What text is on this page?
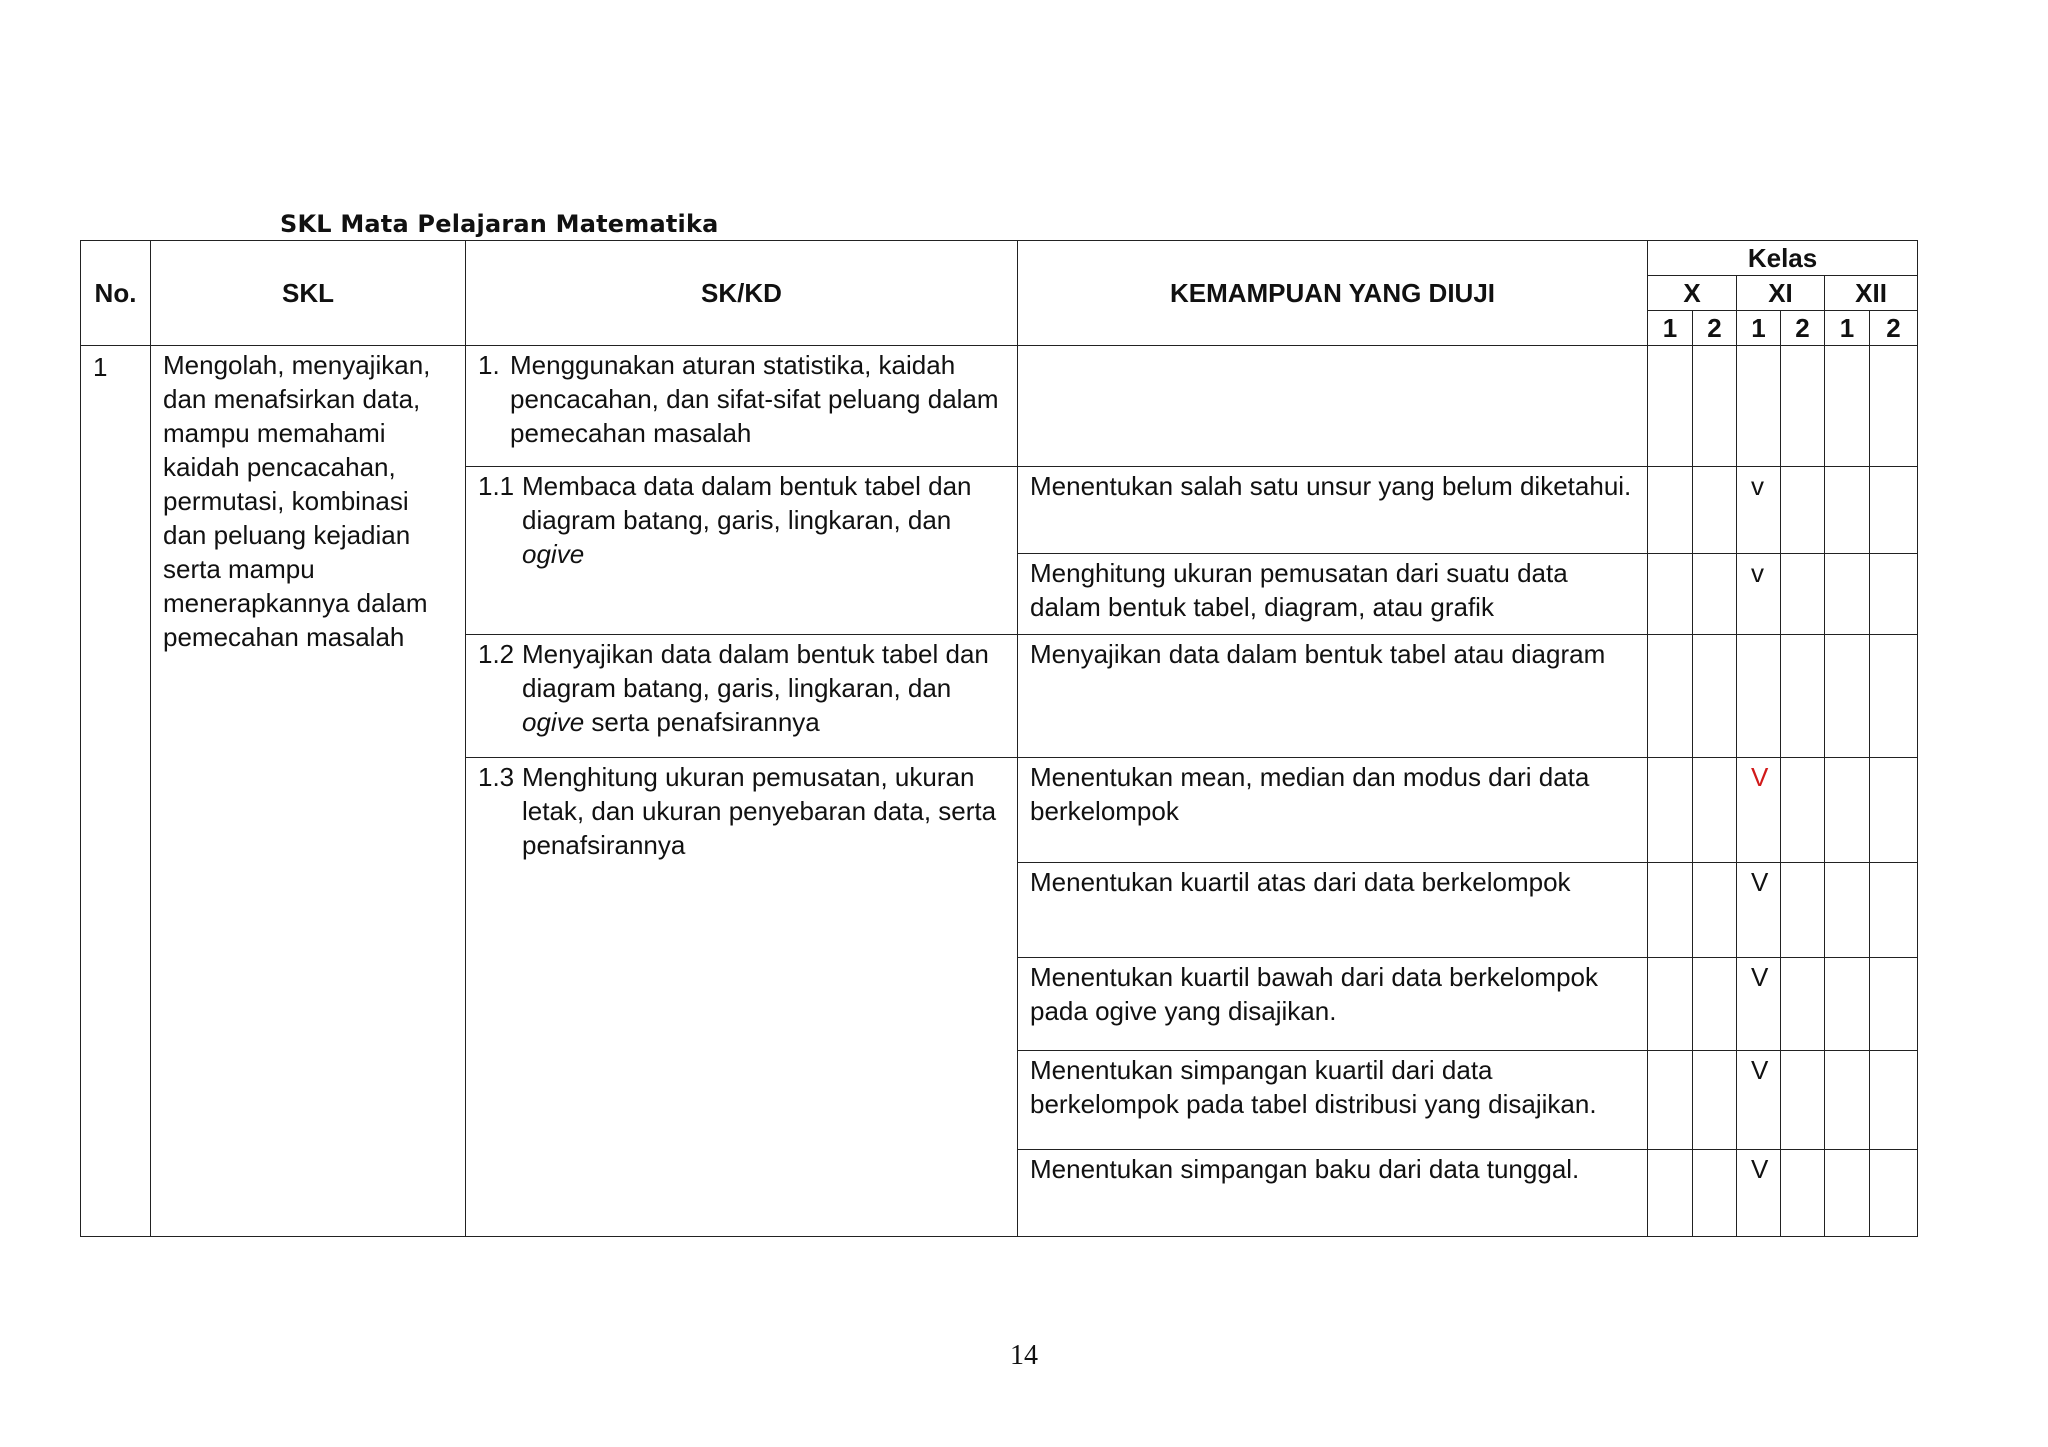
SKL Mata Pelajaran Matematika
No.	SKL	SK/KD	KEMAMPUAN YANG DIUJI	Kelas					
				X		XI		XII	
				1	2	1	2	1	2
1	Mengolah, menyajikan, dan menafsirkan data, mampu memahami kaidah pencacahan, permutasi, kombinasi dan peluang kejadian serta mampu menerapkannya dalam pemecahan masalah	1. Menggunakan aturan statistika, kaidah pencacahan, dan sifat-sifat peluang dalam pemecahan masalah							

		1.1 Membaca data dalam bentuk tabel dan diagram batang, garis, lingkaran, dan ogive	Menentukan salah satu unsur yang belum diketahui.			v			
			Menghitung ukuran pemusatan dari suatu data dalam bentuk tabel, diagram, atau grafik			v			

		1.2 Menyajikan data dalam bentuk tabel dan diagram batang, garis, lingkaran, dan ogive serta penafsirannya	Menyajikan data dalam bentuk tabel atau diagram						

		1.3 Menghitung ukuran pemusatan, ukuran letak, dan ukuran penyebaran data, serta penafsirannya	Menentukan mean, median dan modus dari data berkelompok			V			
			Menentukan kuartil atas dari data berkelompok			V			
			Menentukan kuartil bawah dari data berkelompok pada ogive yang disajikan.			V			
			Menentukan simpangan kuartil dari data berkelompok pada tabel distribusi yang disajikan.			V			
			Menentukan simpangan baku dari data tunggal.			V			
14
